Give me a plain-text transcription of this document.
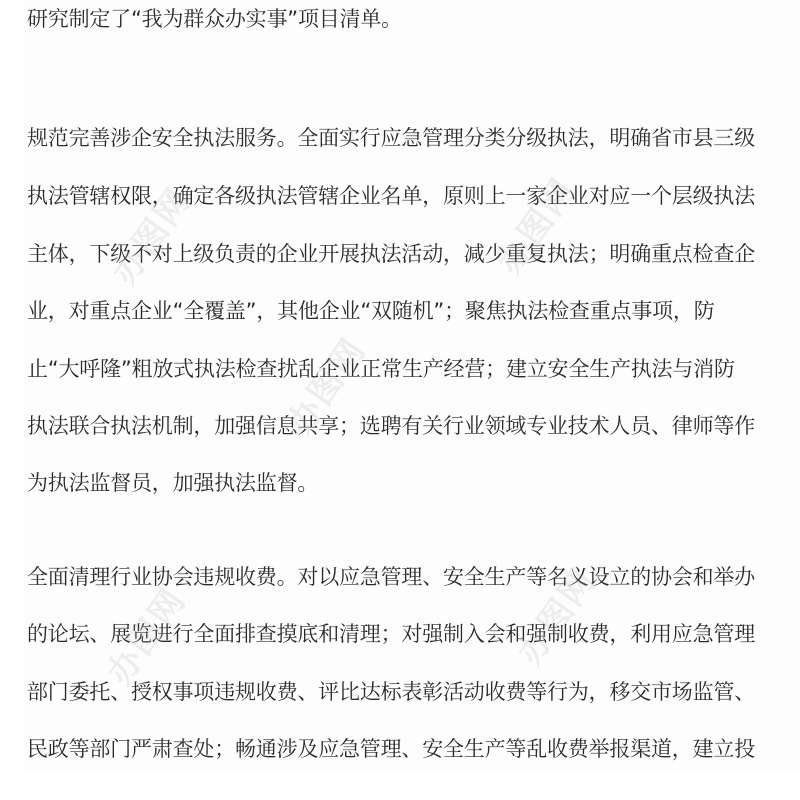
研究制定了“我为群众办实事”项目清单。
规范完善涉企安全执法服务。全面实行应急管理分类分级执法，明确省市县三级
执法管辖权限，确定各级执法管辖企业名单，原则上一家企业对应一个层级执法
主体，下级不对上级负责的企业开展执法活动，减少重复执法；明确重点检查企
业，对重点企业“全覆盖”，其他企业“双随机”；聚焦执法检查重点事项，防
止“大呼隆”粗放式执法检查扰乱企业正常生产经营；建立安全生产执法与消防
执法联合执法机制，加强信息共享；选聘有关行业领域专业技术人员、律师等作
为执法监督员，加强执法监督。
全面清理行业协会违规收费。对以应急管理、安全生产等名义设立的协会和举办
的论坛、展览进行全面排查摸底和清理；对强制入会和强制收费，利用应急管理
部门委托、授权事项违规收费、评比达标表彰活动收费等行为，移交市场监管、
民政等部门严肃查处；畅通涉及应急管理、安全生产等乱收费举报渠道，建立投
办图网	办图网
办图网
办图网	办图网
